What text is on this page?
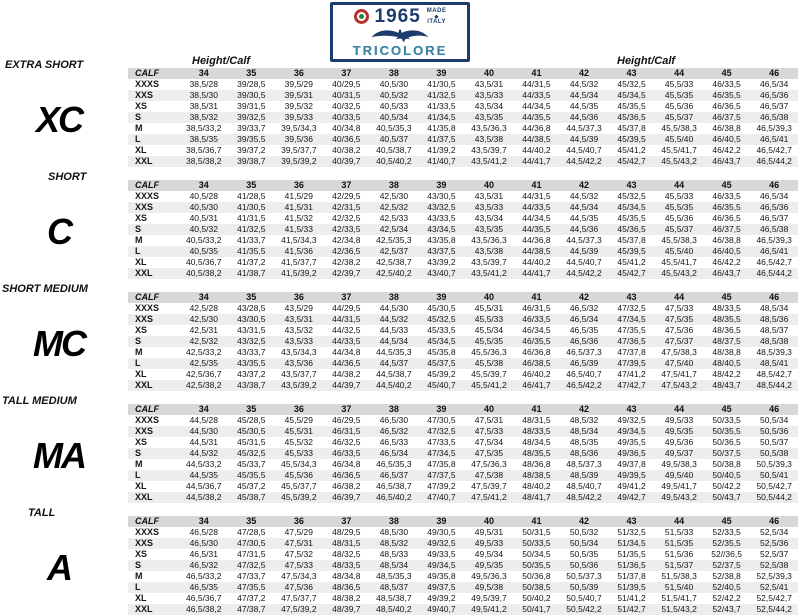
1965 MADE
◆
ITALY
TRICOLORE
EXTRA SHORT	Height/Calf	Height/Calf
XC
CALF	34	35	36	37	38	39	40	41	42	43	44	45	46
XXXS	38,5/28	39/28,5	39,5/29	40/29,5	40,5/30	41/30,5	43,5/31	44/31,5	44,5/32	45/32,5	45,5/33	46/33,5	46,5/34
XXS	38,5/30	39/30,5	39,5/31	40/31,5	40,5/32	41/32,5	43,5/33	44/33,5	44,5/34	45/34,5	45,5/35	46/35,5	46,5/36
XS	38,5/31	39/31,5	39,5/32	40/32,5	40,5/33	41/33,5	43,5/34	44/34,5	44,5/35	45/35,5	45,5/36	46/36,5	46,5/37
S	38,5/32	39/32,5	39,5/33	40/33,5	40,5/34	41/34,5	43,5/35	44/35,5	44,5/36	45/36,5	45,5/37	46/37,5	46,5/38
M	38,5/33,2	39/33,7	39,5/34,3	40/34,8	40,5/35,3	41/35,8	43,5/36,3	44/36,8	44,5/37,3	45/37,8	45,5/38,3	46/38,8	46,5/39,3
L	38,5/35	39/35,5	39,5/36	40/36,5	40,5/37	41/37,5	43,5/38	44/38,5	44,5/39	45/39,5	45,5/40	46/40,5	46,5/41
XL	38,5/36,7	39/37,2	39,5/37,7	40/38,2	40,5/38,7	41/39,2	43,5/39,7	44/40,2	44,5/40,7	45/41,2	45,5/41,7	46/42,2	46,5/42,7
XXL	38,5/38,2	39/38,7	39,5/39,2	40/39,7	40,5/40,2	41/40,7	43,5/41,2	44/41,7	44,5/42,2	45/42,7	45,5/43,2	46/43,7	46,5/44,2
SHORT
C
CALF	34	35	36	37	38	39	40	41	42	43	44	45	46
XXXS	40,5/28	41/28,5	41,5/29	42/29,5	42,5/30	43/30,5	43,5/31	44/31,5	44,5/32	45/32,5	45,5/33	46/33,5	46,5/34
XXS	40,5/30	41/30,5	41,5/31	42/31,5	42,5/32	43/32,5	43,5/33	44/33,5	44,5/34	45/34,5	45,5/35	46/35,5	46,5/36
XS	40,5/31	41/31,5	41,5/32	42/32,5	42,5/33	43/33,5	43,5/34	44/34,5	44,5/35	45/35,5	45,5/36	46/36,5	46,5/37
S	40,5/32	41/32,5	41,5/33	42/33,5	42,5/34	43/34,5	43,5/35	44/35,5	44,5/36	45/36,5	45,5/37	46/37,5	46,5/38
M	40,5/33,2	41/33,7	41,5/34,3	42/34,8	42,5/35,3	43/35,8	43,5/36,3	44/36,8	44,5/37,3	45/37,8	45,5/38,3	46/38,8	46,5/39,3
L	40,5/35	41/35,5	41,5/36	42/36,5	42,5/37	43/37,5	43,5/38	44/38,5	44,5/39	45/39,5	45,5/40	46/40,5	46,5/41
XL	40,5/36,7	41/37,2	41,5/37,7	42/38,2	42,5/38,7	43/39,2	43,5/39,7	44/40,2	44,5/40,7	45/41,2	45,5/41,7	46/42,2	46,5/42,7
XXL	40,5/38,2	41/38,7	41,5/39,2	42/39,7	42,5/40,2	43/40,7	43,5/41,2	44/41,7	44,5/42,2	45/42,7	45,5/43,2	46/43,7	46,5/44,2
SHORT MEDIUM
MC
CALF	34	35	36	37	38	39	40	41	42	43	44	45	46
XXXS	42,5/28	43/28,5	43,5/29	44/29,5	44,5/30	45/30,5	45,5/31	46/31,5	46,5/32	47/32,5	47,5/33	48/33,5	48,5/34
XXS	42,5/30	43/30,5	43,5/31	44/31,5	44,5/32	45/32,5	45,5/33	46/33,5	46,5/34	47/34,5	47,5/35	48/35,5	48,5/36
XS	42,5/31	43/31,5	43,5/32	44/32,5	44,5/33	45/33,5	45,5/34	46/34,5	46,5/35	47/35,5	47,5/36	48/36,5	48,5/37
S	42,5/32	43/32,5	43,5/33	44/33,5	44,5/34	45/34,5	45,5/35	46/35,5	46,5/36	47/36,5	47,5/37	48/37,5	48,5/38
M	42,5/33,2	43/33,7	43,5/34,3	44/34,8	44,5/35,3	45/35,8	45,5/36,3	46/36,8	46,5/37,3	47/37,8	47,5/38,3	48/38,8	48,5/39,3
L	42,5/35	43/35,5	43,5/36	44/36,5	44,5/37	45/37,5	45,5/38	46/38,5	46,5/39	47/39,5	47,5/40	48/40,5	48,5/41
XL	42,5/36,7	43/37,2	43,5/37,7	44/38,2	44,5/38,7	45/39,2	45,5/39,7	46/40,2	46,5/40,7	47/41,2	47,5/41,7	48/42,2	48,5/42,7
XXL	42,5/38,2	43/38,7	43,5/39,2	44/39,7	44,5/40,2	45/40,7	45,5/41,2	46/41,7	46,5/42,2	47/42,7	47,5/43,2	48/43,7	48,5/44,2
TALL MEDIUM
MA
CALF	34	35	36	37	38	39	40	41	42	43	44	45	46
XXXS	44,5/28	45/28,5	45,5/29	46/29,5	46,5/30	47/30,5	47,5/31	48/31,5	48,5/32	49/32,5	49,5/33	50/33,5	50,5/34
XXS	44,5/30	45/30,5	45,5/31	46/31,5	46,5/32	47/32,5	47,5/33	48/33,5	48,5/34	49/34,5	49,5/35	50/35,5	50,5/36
XS	44,5/31	45/31,5	45,5/32	46/32,5	46,5/33	47/33,5	47,5/34	48/34,5	48,5/35	49/35,5	49,5/36	50/36,5	50,5/37
S	44,5/32	45/32,5	45,5/33	46/33,5	46,5/34	47/34,5	47,5/35	48/35,5	48,5/36	49/36,5	49,5/37	50/37,5	50,5/38
M	44,5/33,2	45/33,7	45,5/34,3	46/34,8	46,5/35,3	47/35,8	47,5/36,3	48/36,8	48,5/37,3	49/37,8	49,5/38,3	50/38,8	50,5/39,3
L	44,5/35	45/35,5	45,5/36	46/36,5	46,5/37	47/37,5	47,5/38	48/38,5	48,5/39	49/39,5	49,5/40	50/40,5	50,5/41
XL	44,5/36,7	45/37,2	45,5/37,7	46/38,2	46,5/38,7	47/39,2	47,5/39,7	48/40,2	48,5/40,7	49/41,2	49,5/41,7	50/42,2	50,5/42,7
XXL	44,5/38,2	45/38,7	45,5/39,2	46/39,7	46,5/40,2	47/40,7	47,5/41,2	48/41,7	48,5/42,2	49/42,7	49,5/43,2	50/43,7	50,5/44,2
TALL
A
CALF	34	35	36	37	38	39	40	41	42	43	44	45	46
XXXS	46,5/28	47/28,5	47,5/29	48/29,5	48,5/30	49/30,5	49,5/31	50/31,5	50,5/32	51/32,5	51,5/33	52/33,5	52,5/34
XXS	46,5/30	47/30,5	47,5/31	48/31,5	48,5/32	49/32,5	49,5/33	50/33,5	50,5/34	51/34,5	51,5/35	52/35,5	52,5/36
XS	46,5/31	47/31,5	47,5/32	48/32,5	48,5/33	49/33,5	49,5/34	50/34,5	50,5/35	51/35,5	51,5/36	52//36,5	52,5/37
S	46,5/32	47/32,5	47,5/33	48/33,5	48,5/34	49/34,5	49,5/35	50/35,5	50,5/36	51/36,5	51,5/37	52/37,5	52,5/38
M	46,5/33,2	47/33,7	47,5/34,3	48/34,8	48,5/35,3	49/35,8	49,5/36,3	50/36,8	50,5/37,3	51/37,8	51,5/38,3	52/38,8	52,5/39,3
L	46,5/35	47/35,5	47,5/36	48/36,5	48,5/37	49/37,5	49,5/38	50/38,5	50,5/39	51/39,5	51,5/40	52/40,5	52,5/41
XL	46,5/36,7	47/37,2	47,5/37,7	48/38,2	48,5/38,7	49/39,2	49,5/39,7	50/40,2	50,5/40,7	51/41,2	51,5/41,7	52/42,2	52,5/42,7
XXL	46,5/38,2	47/38,7	47,5/39,2	48/39,7	48,5/40,2	49/40,7	49,5/41,2	50/41,7	50,5/42,2	51/42,7	51,5/43,2	52/43,7	52,5/44,2
